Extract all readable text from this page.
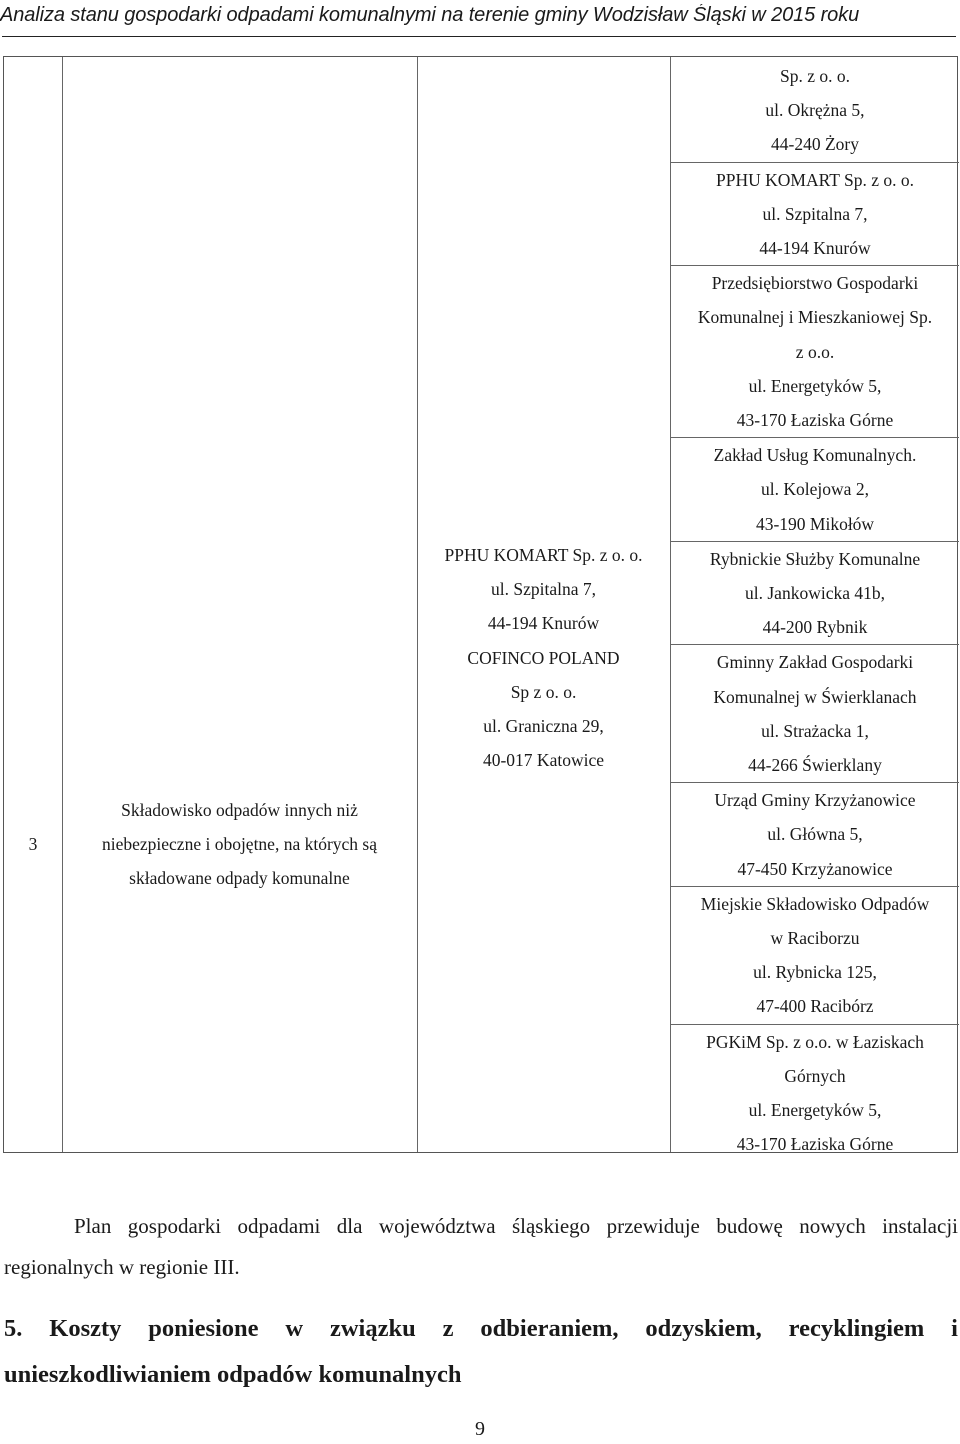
Analiza stanu gospodarki odpadami komunalnymi na terenie gminy Wodzisław Śląski w 2015 roku
3
Składowisko odpadów innych niż
niebezpieczne i obojętne, na których są
składowane odpady komunalne
PPHU KOMART Sp. z o. o.
ul. Szpitalna 7,
44-194 Knurów
COFINCO POLAND
Sp z o. o.
ul. Graniczna 29,
40-017 Katowice
Sp. z o. o.
ul. Okrężna 5,
44-240 Żory
PPHU KOMART Sp. z o. o.
ul. Szpitalna 7,
44-194 Knurów
Przedsiębiorstwo Gospodarki
Komunalnej i Mieszkaniowej Sp.
z o.o.
ul. Energetyków 5,
43-170 Łaziska Górne
Zakład Usług Komunalnych.
ul. Kolejowa 2,
43-190 Mikołów
Rybnickie Służby Komunalne
ul. Jankowicka 41b,
44-200 Rybnik
Gminny Zakład Gospodarki
Komunalnej w Świerklanach
ul. Strażacka 1,
44-266 Świerklany
Urząd Gminy Krzyżanowice
ul. Główna 5,
47-450 Krzyżanowice
Miejskie Składowisko Odpadów
w Raciborzu
ul. Rybnicka 125,
47-400 Racibórz
PGKiM Sp. z o.o. w Łaziskach
Górnych
ul. Energetyków 5,
43-170 Łaziska Górne
Plan gospodarki odpadami dla województwa śląskiego przewiduje budowę nowych instalacji regionalnych w regionie III.
5. Koszty poniesione w związku z odbieraniem, odzyskiem, recyklingiem i unieszkodliwianiem odpadów komunalnych
9
